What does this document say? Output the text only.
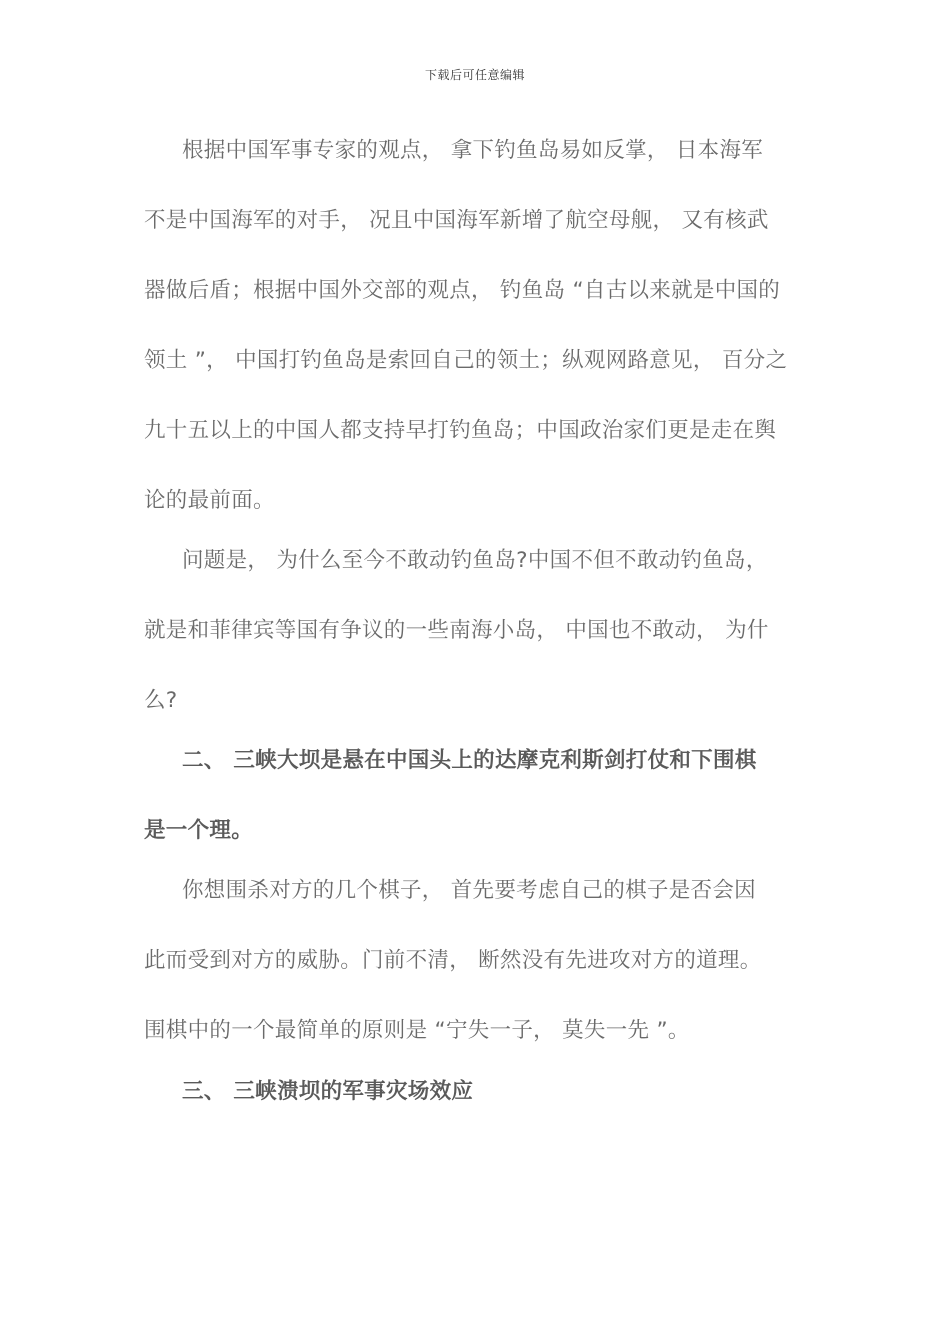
下载后可任意编辑
根据中国军事专家的观点， 拿下钓鱼岛易如反掌， 日本海军
不是中国海军的对手， 况且中国海军新增了航空母舰， 又有核武
器做后盾；根据中国外交部的观点， 钓鱼岛 “自古以来就是中国的
领土 ”， 中国打钓鱼岛是索回自己的领土；纵观网路意见， 百分之
九十五以上的中国人都支持早打钓鱼岛；中国政治家们更是走在舆
论的最前面。
问题是， 为什么至今不敢动钓鱼岛?中国不但不敢动钓鱼岛，
就是和菲律宾等国有争议的一些南海小岛， 中国也不敢动， 为什
么?
二、 三峡大坝是悬在中国头上的达摩克利斯剑打仗和下围棋
是一个理。
你想围杀对方的几个棋子， 首先要考虑自己的棋子是否会因
此而受到对方的威胁。门前不清， 断然没有先进攻对方的道理。
围棋中的一个最简单的原则是 “宁失一子， 莫失一先 ”。
三、 三峡溃坝的军事灾场效应
